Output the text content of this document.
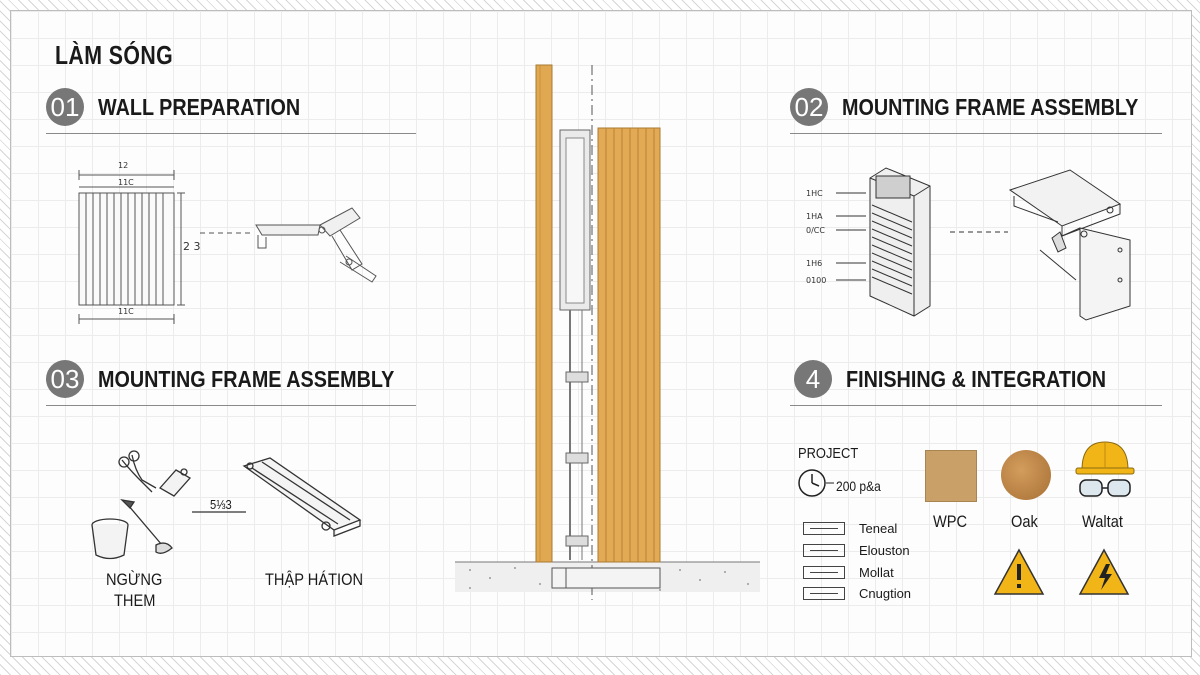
LÀM SÓNG
01 WALL PREPARATION
12
11C
2 3
11C
03 MOUNTING FRAME ASSEMBLY
5⅓3
NGỪNG
THEM
THẬP HÁTION
02 MOUNTING FRAME ASSEMBLY
1HC
1HA
0/CC
1H6
0100
4	FINISHING & INTEGRATION
PROJECT
200 p&a
Teneal
Elouston
Mollat
Cnugtion
WPC	Oak	Waltat
